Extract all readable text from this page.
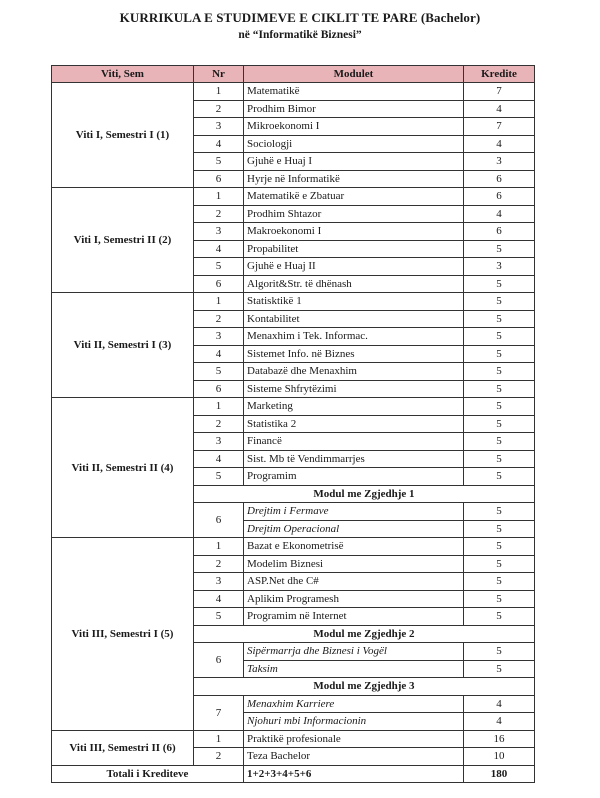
KURRIKULA E STUDIMEVE E CIKLIT TE PARE (Bachelor)
në “Informatikë Biznesi”
Viti, Sem	Nr	Modulet	Kredite
Viti I, Semestri I (1)	1	Matematikë	7
	2	Prodhim Bimor	4
	3	Mikroekonomi I	7
	4	Sociologji	4
	5	Gjuhë e Huaj I	3
	6	Hyrje në Informatikë	6
Viti I, Semestri II (2)	1	Matematikë e Zbatuar	6
	2	Prodhim Shtazor	4
	3	Makroekonomi I	6
	4	Propabilitet	5
	5	Gjuhë e Huaj II	3
	6	Algorit&Str. të dhënash	5
Viti II, Semestri I (3)	1	Statisktikë 1	5
	2	Kontabilitet	5
	3	Menaxhim i Tek. Informac.	5
	4	Sistemet Info. në Biznes	5
	5	Databazë dhe Menaxhim	5
	6	Sisteme Shfrytëzimi	5
Viti II, Semestri II (4)	1	Marketing	5
	2	Statistika 2	5
	3	Financë	5
	4	Sist. Mb të Vendimmarrjes	5
	5	Programim	5
	Modul me Zgjedhje 1		
	6	Drejtim i Fermave	5
		Drejtim Operacional	5
Viti III, Semestri I (5)	1	Bazat e Ekonometrisë	5
	2	Modelim Biznesi	5
	3	ASP.Net dhe C#	5
	4	Aplikim Programesh	5
	5	Programim në Internet	5
	Modul me Zgjedhje 2		
	6	Sipërmarrja dhe Biznesi i Vogël	5
		Taksim	5
	Modul me Zgjedhje 3		
	7	Menaxhim Karriere	4
		Njohuri mbi Informacionin	4
Viti III, Semestri II (6)	1	Praktikë profesionale	16
	2	Teza Bachelor	10
Totali i Krediteve		1+2+3+4+5+6	180
